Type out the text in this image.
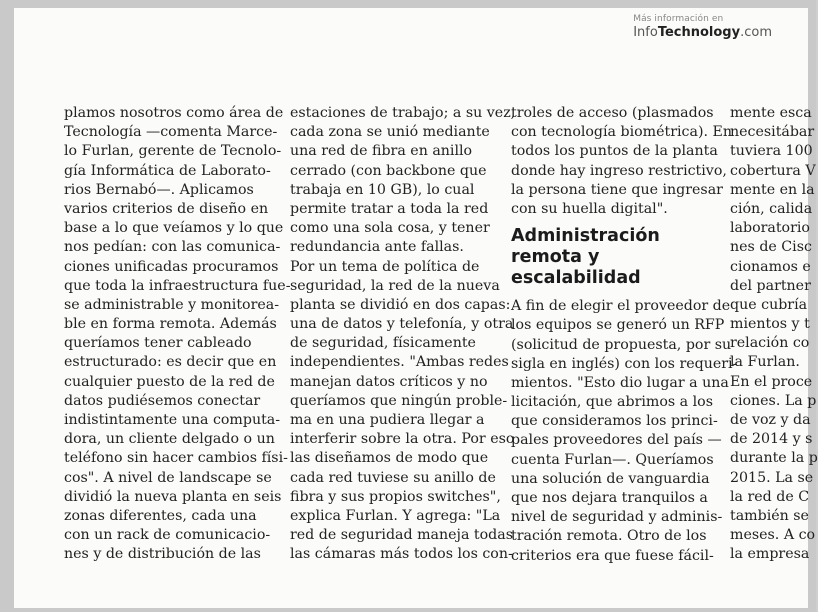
Más información en
InfoTechnology.com
plamos nosotros como área de
Tecnología —comenta Marce-
lo Furlan, gerente de Tecnolo-
gía Informática de Laborato-
rios Bernabó—. Aplicamos
varios criterios de diseño en
base a lo que veíamos y lo que
nos pedían: con las comunica-
ciones unificadas procuramos
que toda la infraestructura fue-
se administrable y monitorea-
ble en forma remota. Además
queríamos tener cableado
estructurado: es decir que en
cualquier puesto de la red de
datos pudiésemos conectar
indistintamente una computa-
dora, un cliente delgado o un
teléfono sin hacer cambios físi-
cos". A nivel de landscape se
dividió la nueva planta en seis
zonas diferentes, cada una
con un rack de comunicacio-
nes y de distribución de las
estaciones de trabajo; a su vez,
cada zona se unió mediante
una red de fibra en anillo
cerrado (con backbone que
trabaja en 10 GB), lo cual
permite tratar a toda la red
como una sola cosa, y tener
redundancia ante fallas.
Por un tema de política de
seguridad, la red de la nueva
planta se dividió en dos capas:
una de datos y telefonía, y otra
de seguridad, físicamente
independientes. "Ambas redes
manejan datos críticos y no
queríamos que ningún proble-
ma en una pudiera llegar a
interferir sobre la otra. Por eso
las diseñamos de modo que
cada red tuviese su anillo de
fibra y sus propios switches",
explica Furlan. Y agrega: "La
red de seguridad maneja todas
las cámaras más todos los con-
troles de acceso (plasmados
con tecnología biométrica). En
todos los puntos de la planta
donde hay ingreso restrictivo,
la persona tiene que ingresar
con su huella digital".
Administración
remota y
escalabilidad
A fin de elegir el proveedor de
los equipos se generó un RFP
(solicitud de propuesta, por su
sigla en inglés) con los requeri-
mientos. "Esto dio lugar a una
licitación, que abrimos a los
que consideramos los princi-
pales proveedores del país —
cuenta Furlan—. Queríamos
una solución de vanguardia
que nos dejara tranquilos a
nivel de seguridad y adminis-
tración remota. Otro de los
criterios era que fuese fácil-
mente esca
necesitábar
tuviera 100
cobertura V
mente en la
ción, calida
laboratorio
nes de Cisc
cionamos e
del partner
que cubría
mientos y t
relación co
la Furlan.
En el proce
ciones. La p
de voz y da
de 2014 y s
durante la p
2015. La se
la red de C
también se
meses. A co
la empresa
